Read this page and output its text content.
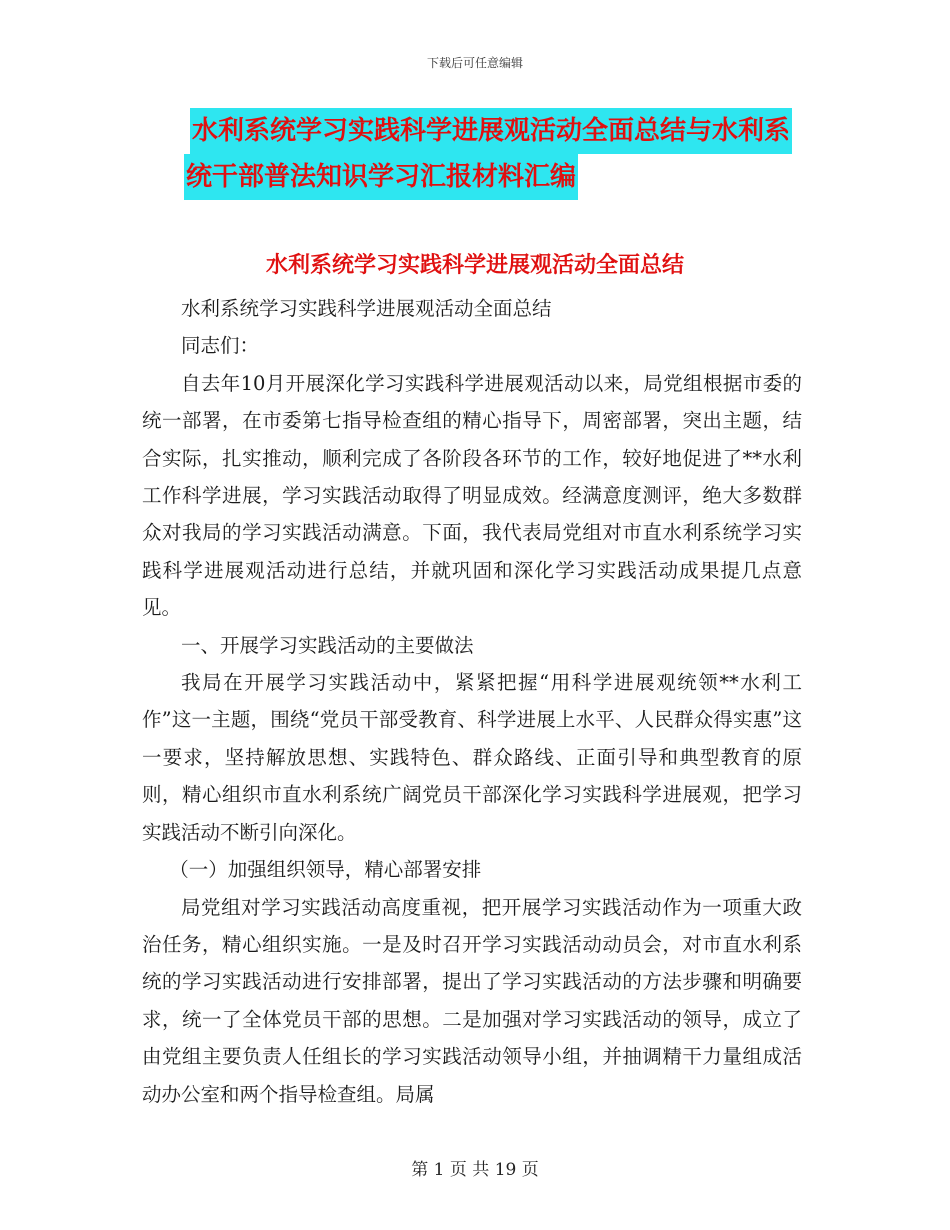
下载后可任意编辑
水利系统学习实践科学进展观活动全面总结与水利系
统干部普法知识学习汇报材料汇编
水利系统学习实践科学进展观活动全面总结

水利系统学习实践科学进展观活动全面总结

同志们：

自去年10月开展深化学习实践科学进展观活动以来，局党组根据市委的统一部署，在市委第七指导检查组的精心指导下，周密部署，突出主题，结合实际，扎实推动，顺利完成了各阶段各环节的工作，较好地促进了**水利工作科学进展，学习实践活动取得了明显成效。经满意度测评，绝大多数群众对我局的学习实践活动满意。下面，我代表局党组对市直水利系统学习实践科学进展观活动进行总结，并就巩固和深化学习实践活动成果提几点意见。

一、开展学习实践活动的主要做法

我局在开展学习实践活动中，紧紧把握“用科学进展观统领**水利工作”这一主题，围绕“党员干部受教育、科学进展上水平、人民群众得实惠”这一要求，坚持解放思想、实践特色、群众路线、正面引导和典型教育的原则，精心组织市直水利系统广阔党员干部深化学习实践科学进展观，把学习实践活动不断引向深化。

（一）加强组织领导，精心部署安排

局党组对学习实践活动高度重视，把开展学习实践活动作为一项重大政治任务，精心组织实施。一是及时召开学习实践活动动员会，对市直水利系统的学习实践活动进行安排部署，提出了学习实践活动的方法步骤和明确要求，统一了全体党员干部的思想。二是加强对学习实践活动的领导，成立了由党组主要负责人任组长的学习实践活动领导小组，并抽调精干力量组成活动办公室和两个指导检查组。局属

第 1 页 共 19 页
